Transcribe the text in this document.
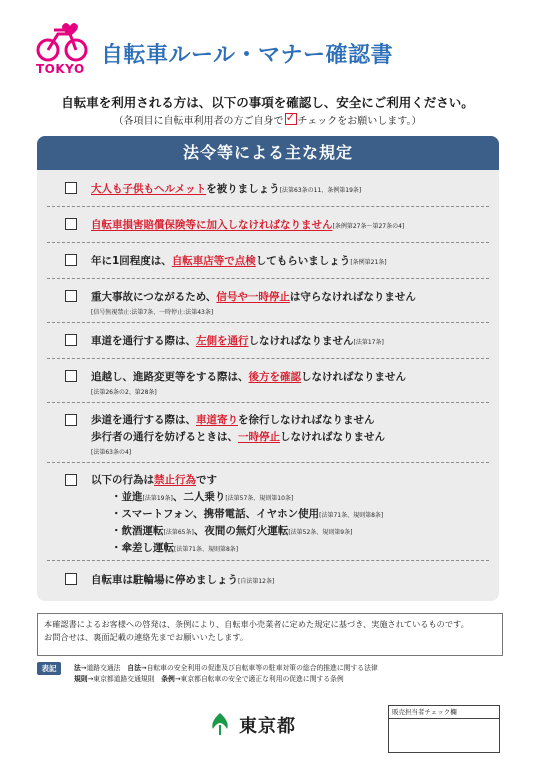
TOKYO
自転車ルール・マナー確認書
自転車を利用される方は、以下の事項を確認し、安全にご利用ください。
（各項目に自転車利用者の方ご自身で✓ チェックをお願いします。）
法令等による主な規定
大人も子供もヘルメットを被りましょう[法第63条の11、条例第19条]
自転車損害賠償保険等に加入しなければなりません[条例第27条〜第27条の4]
年に1回程度は、自転車店等で点検してもらいましょう[条例第21条]
重大事故につながるため、信号や一時停止は守らなければなりません
[信号無視禁止:法第7条、一時停止:法第43条]
車道を通行する際は、左側を通行しなければなりません[法第17条]
追越し、進路変更等をする際は、後方を確認しなければなりません
[法第26条の2、第28条]
歩道を通行する際は、車道寄りを徐行しなければなりません
歩行者の通行を妨げるときは、一時停止しなければなりません
[法第63条の4]
以下の行為は禁止行為です
・並進[法第19条]、二人乗り[法第57条、規則第10条]
・スマートフォン、携帯電話、イヤホン使用[法第71条、規則第8条]
・飲酒運転[法第65条]、夜間の無灯火運転[法第52条、規則第9条]
・傘差し運転[法第71条、規則第8条]
自転車は駐輪場に停めましょう[自法第12条]
本確認書によるお客様への啓発は、条例により、自転車小売業者に定めた規定に基づき、実施されているものです。
お問合せは、裏面記載の連絡先までお願いいたします。
表記	法→道路交通法　自法→自転車の安全利用の促進及び自転車等の駐車対策の総合的推進に関する法律
規則→東京都道路交通規則　条例→東京都自転車の安全で適正な利用の促進に関する条例
東京都
販売担当者チェック欄
